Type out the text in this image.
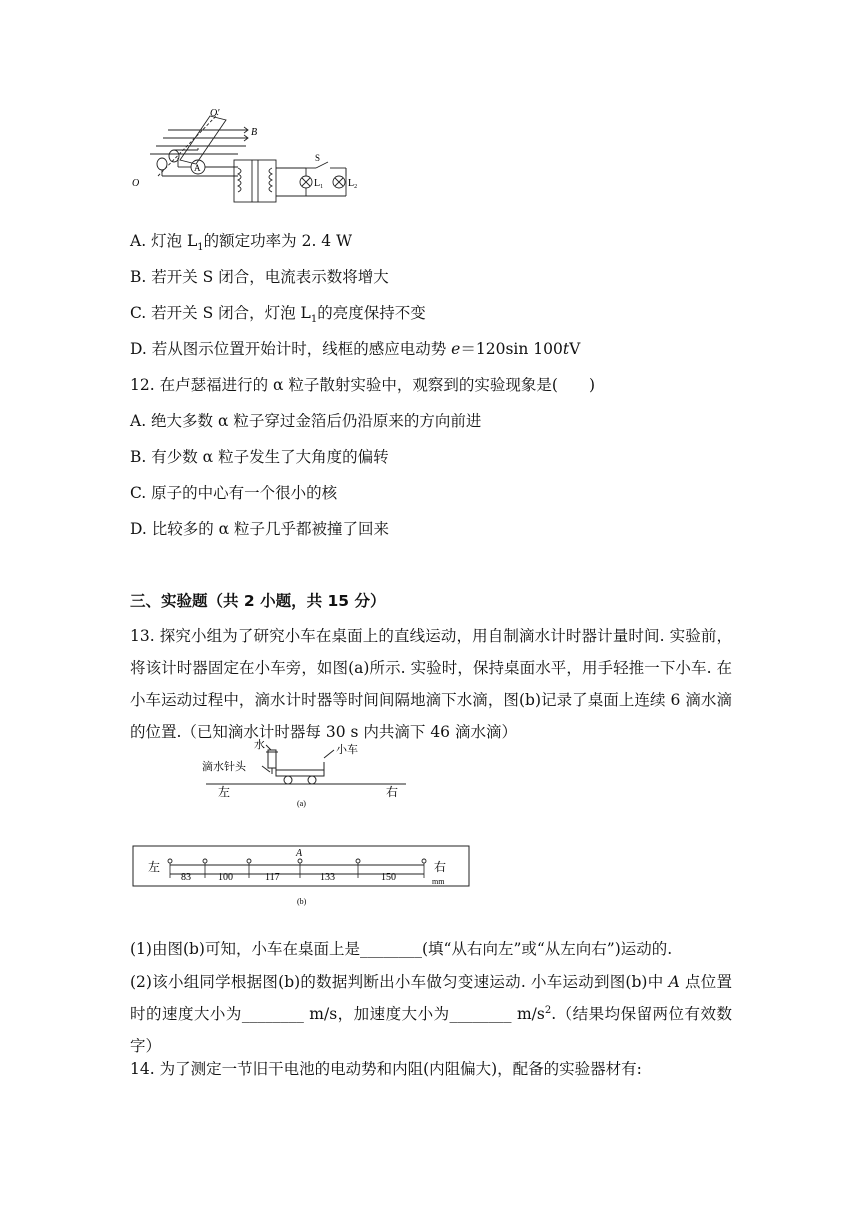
O′
B
O
A
S
$L_1$ $L_2$
A. 灯泡 $L_1$的额定功率为 2. 4 W
B. 若开关 S 闭合，电流表示数将增大
C. 若开关 S 闭合，灯泡 $L_1$的亮度保持不变
D. 若从图示位置开始计时，线框的感应电动势 e＝120sin 100tV
12. 在卢瑟福进行的 α 粒子散射实验中，观察到的实验现象是(　　)
A. 绝大多数 α 粒子穿过金箔后仍沿原来的方向前进
B. 有少数 α 粒子发生了大角度的偏转
C. 原子的中心有一个很小的核
D. 比较多的 α 粒子几乎都被撞了回来
三、实验题（共 2 小题，共 15 分）
13. 探究小组为了研究小车在桌面上的直线运动，用自制滴水计时器计量时间. 实验前，将该计时器固定在小车旁，如图(a)所示. 实验时，保持桌面水平，用手轻推一下小车. 在小车运动过程中，滴水计时器等时间间隔地滴下水滴，图(b)记录了桌面上连续 6 滴水滴的位置.（已知滴水计时器每 30 s 内共滴下 46 滴水滴）
水
滴水针头
小车
左	右
(a)
左	右
mm
A
83	100	117	133	150
(b)
(1)由图(b)可知，小车在桌面上是________(填“从右向左”或“从左向右”)运动的.
(2)该小组同学根据图(b)的数据判断出小车做匀变速运动. 小车运动到图(b)中 A 点位置时的速度大小为________ m/s，加速度大小为________ $m/s^2$.（结果均保留两位有效数字）
14. 为了测定一节旧干电池的电动势和内阻(内阻偏大)，配备的实验器材有:
